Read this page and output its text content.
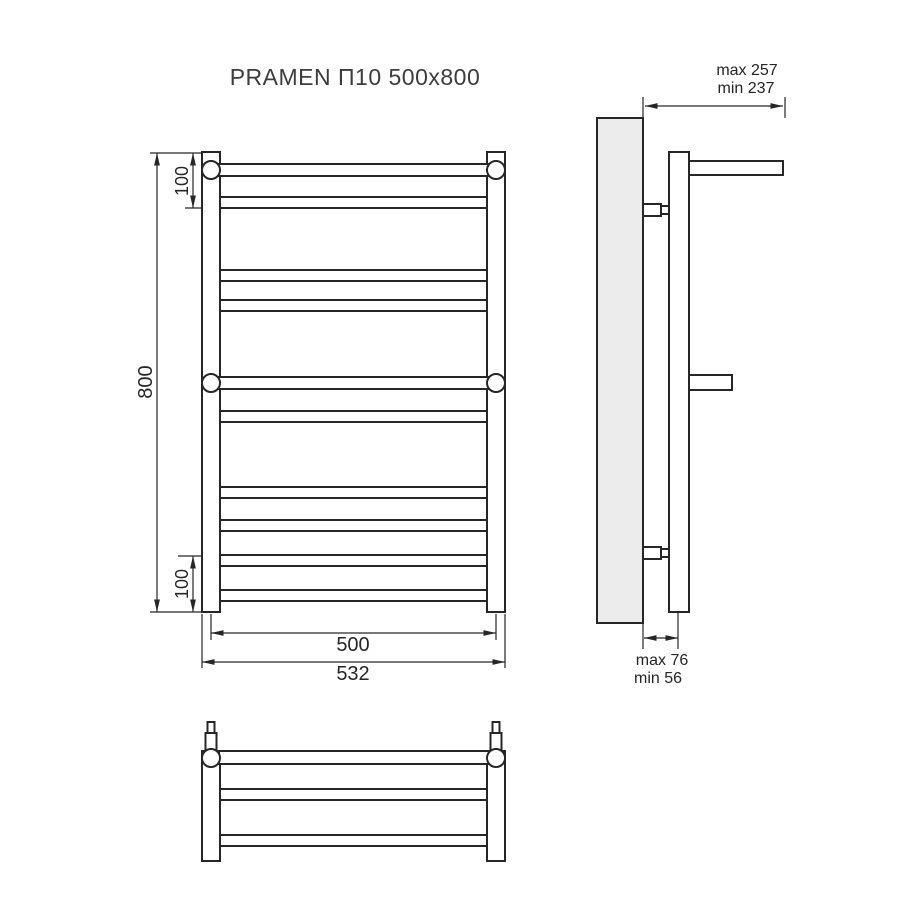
PRAMEN П10 500x800
800
100
100
500
532
max 257
min 237
max 76
min 56
